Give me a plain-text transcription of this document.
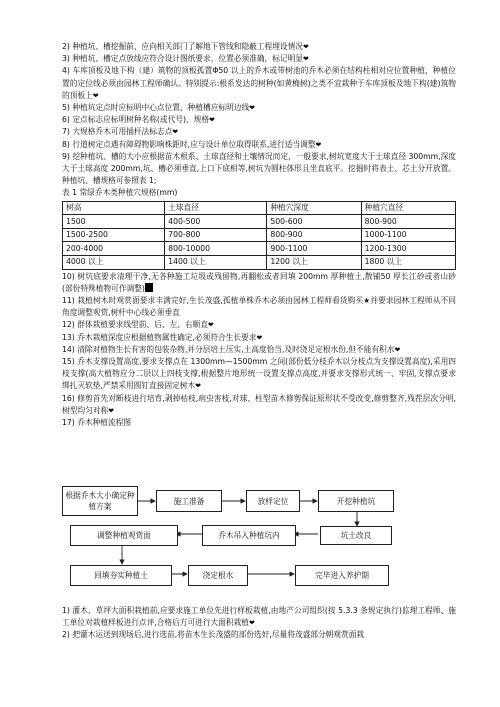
2) 种植坑、槽挖掘前，应向相关部门了解地下管线和隐蔽工程埋设情况❤

3) 种植坑、槽定点放线应符合设计图纸要求，位置必须准确，标记明显❤

4) 车库顶板及地下构（建）筑物的顶板孤置Φ50 以上的乔木或带树池的乔木必须在结构柱相对应位置种植，种植位置的定位线必须由园林工程师确认。特别提示:根系发达的树种(如黄桷树)之类不宜栽种于车库顶板及地下构(建)筑物的顶板上❤

5) 种植坑定点时应标明中心点位置，种植槽应标明边线❤

6) 定点标志应标明树种名称(或代号)、规格❤

7) 大规格乔木可用插杆法标志点❤

8) 行道树定点遇有障碍物影响株距时,应与设计单位取得联系,进行适当调整❤

9) 挖种植坑、槽的大小应根据苗木根系、土球直径和土壤情况而定，一般要求,树坑宽度大于土球直径 300mm,深度大于土球高度 200mm,坑、槽必须垂直,上口下底相等,树坑为圆柱体形且坐直底平。挖掘时将表土、芯土分开放置。种植坑、槽规格可参照表 1;

表 1 常绿乔木类种植穴规格(mm)

树高	土球直径	种植穴深度	种植穴直径
1500	400-500	500-600	800-900
1500-2500	700-800	800-900	1000-1100
200-4000	800-10000	900-1100	1200-1300
4000 以上	1400 以上	1200 以上	1800 以上

10) 树坑底要求清理干净,无各种施工垃圾或残留物,再翻松或者回填 200mm 厚种植土,散铺50 厚长江砂或者山砂(部份特殊植物可作调整)

11) 栽植树木时观赏面要求丰满完好,生长茂盛,孤植单株乔木必须由园林工程师看货购买★并要求园林工程师从不同角度调整观赏,树杆中心线必须垂直

12) 群体栽植要求线型前、后、左、右顺直❤

13) 乔木栽植深度应根据植物属性确定,必须符合生长要求❤

14) 清除对植物生长有害的包装杂物,并分层培土压实,土高度恰当,及时浇足定根水份,但不能有积水❤

15) 乔木支撑设置高度,要求支撑点在 1300mm—1500mm 之间(部份低分枝乔木以分枝点为支撑设置高度),采用四枝支撑(高大植物应分二层以上四枝支撑,根据整片地形统一设置支撑点高度,并要求支撑形式统一、牢固,支撑点要求绑扎灭软垫,严禁采用圆钉直接固定树木❤

16) 修剪首先对断枝进行培育,剥掉枯枝,病虫害枝,对球、柱型苗木修剪保证原形状不受改变,修剪整齐,残茬层次分明,树型均匀对称❤

17) 乔木种植流程图

根据乔木大小确定种植方案
施工准备	放样定位	开挖种植坑
坑土改良
乔木吊入种植坑内
调整种植观赏面
回填夯实种植土	浇定根水	完毕进入养护期

1) 灌木、草坪大面积栽植前,应要求施工单位先进行样板栽植,由地产公司组织(按 5.3.3 条规定执行)监理工程师、施工单位对栽植样板进行点评,合格后方可进行大面积栽植❤

2) 把灌木运送到现场后,进行选苗,将苗木生长茂盛的部份选好,尽量将茂盛部分朝观赏面栽
